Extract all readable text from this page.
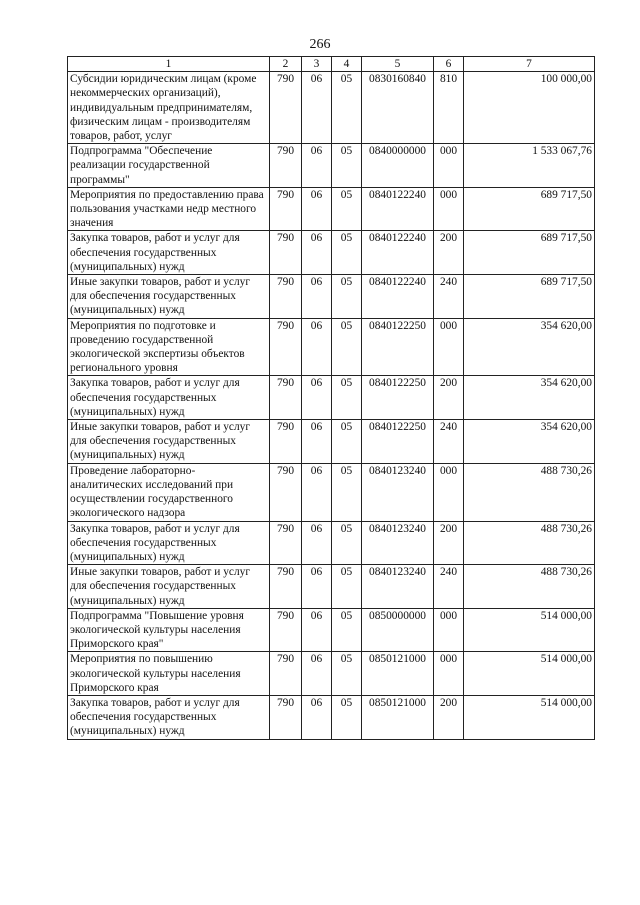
266
1	2	3	4	5	6	7
Субсидии юридическим лицам (кроме некоммерческих организаций), индивидуальным предпринимателям, физическим лицам - производителям товаров, работ, услуг	790	06	05	0830160840	810	100 000,00
Подпрограмма "Обеспечение реализации государственной программы"	790	06	05	0840000000	000	1 533 067,76
Мероприятия по предоставлению права пользования участками недр местного значения	790	06	05	0840122240	000	689 717,50
Закупка товаров, работ и услуг для обеспечения государственных (муниципальных) нужд	790	06	05	0840122240	200	689 717,50
Иные закупки товаров, работ и услуг для обеспечения государственных (муниципальных) нужд	790	06	05	0840122240	240	689 717,50
Мероприятия по подготовке и проведению государственной экологической экспертизы объектов регионального уровня	790	06	05	0840122250	000	354 620,00
Закупка товаров, работ и услуг для обеспечения государственных (муниципальных) нужд	790	06	05	0840122250	200	354 620,00
Иные закупки товаров, работ и услуг для обеспечения государственных (муниципальных) нужд	790	06	05	0840122250	240	354 620,00
Проведение лабораторно-аналитических исследований при осуществлении государственного экологического надзора	790	06	05	0840123240	000	488 730,26
Закупка товаров, работ и услуг для обеспечения государственных (муниципальных) нужд	790	06	05	0840123240	200	488 730,26
Иные закупки товаров, работ и услуг для обеспечения государственных (муниципальных) нужд	790	06	05	0840123240	240	488 730,26
Подпрограмма "Повышение уровня экологической культуры населения Приморского края"	790	06	05	0850000000	000	514 000,00
Мероприятия по повышению экологической культуры населения Приморского края	790	06	05	0850121000	000	514 000,00
Закупка товаров, работ и услуг для обеспечения государственных (муниципальных) нужд	790	06	05	0850121000	200	514 000,00
